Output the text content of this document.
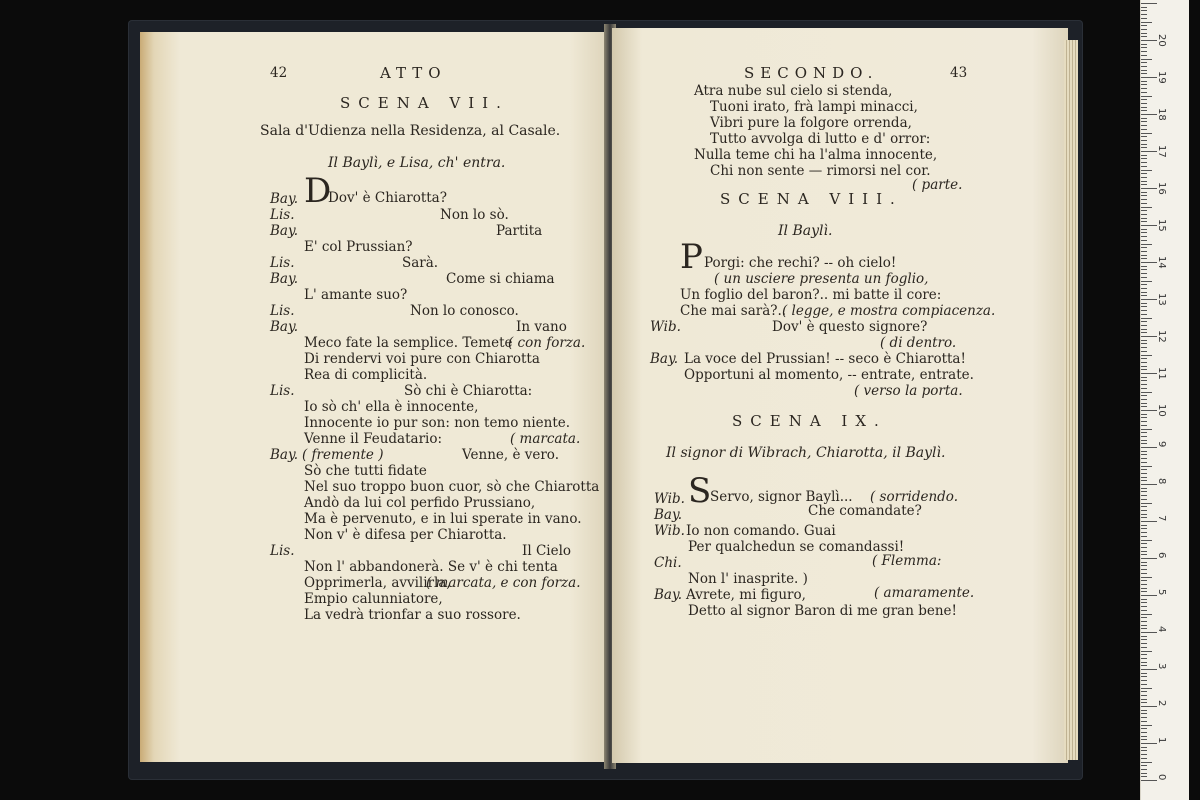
42	ATTO
SCENA VII.
Sala d'Udienza nella Residenza, al Casale.
Il Baylì, e Lisa, ch' entra.
Bay. D
Dov' è Chiarotta?
Lis.	Non lo sò.
Bay.	Partita
E' col Prussian?
Lis.	Sarà.
Bay.	Come si chiama
L' amante suo?
Lis.	Non lo conosco.
Bay.	In vano
Meco fate la semplice. Temete
( con forza.
Di rendervi voi pure con Chiarotta
Rea di complicità.
Lis.	Sò chi è Chiarotta:
Io sò ch' ella è innocente,
Innocente io pur son: non temo niente.
Venne il Feudatario:	( marcata.
Bay. ( fremente )	Venne, è vero.
Sò che tutti fidate
Nel suo troppo buon cuor, sò che Chiarotta
Andò da lui col perfido Prussiano,
Ma è pervenuto, e in lui sperate in vano.
Non v' è difesa per Chiarotta.
Lis.	Il Cielo
Non l' abbandonerà. Se v' è chi tenta
Opprimerla, avvilirla,
( marcata, e con forza.
Empio calunniatore,
La vedrà trionfar a suo rossore.
SECONDO.	43
Atra nube sul cielo si stenda,
Tuoni irato, frà lampi minacci,
Vibri pure la folgore orrenda,
Tutto avvolga di lutto e d' orror:
Nulla teme chi ha l'alma innocente,
Chi non sente — rimorsi nel cor.
( parte.
SCENA VIII.
Il Baylì.
P Porgi: che rechi? -- oh cielo!
( un usciere presenta un foglio,
Un foglio del baron?.. mi batte il core:
Che mai sarà?..
( legge, e mostra compiacenza.
Wib.	Dov' è questo signore?
( di dentro.
Bay. La voce del Prussian! -- seco è Chiarotta!
Opportuni al momento, -- entrate, entrate.
( verso la porta.
SCENA IX.
Il signor di Wibrach, Chiarotta, il Baylì.
Wib. S
Servo, signor Baylì... ( sorridendo.
Bay.	Che comandate?
Wib. Io non comando. Guai
Per qualchedun se comandassi!
Chi.	( Flemma:
Non l' inasprite. )
Bay. Avrete, mi figuro,	( amaramente.
Detto al signor Baron di me gran bene!
0
1
2
3
4
5
6
7
8
9
10
11
12
13
14
15
16
17
18
19
20
